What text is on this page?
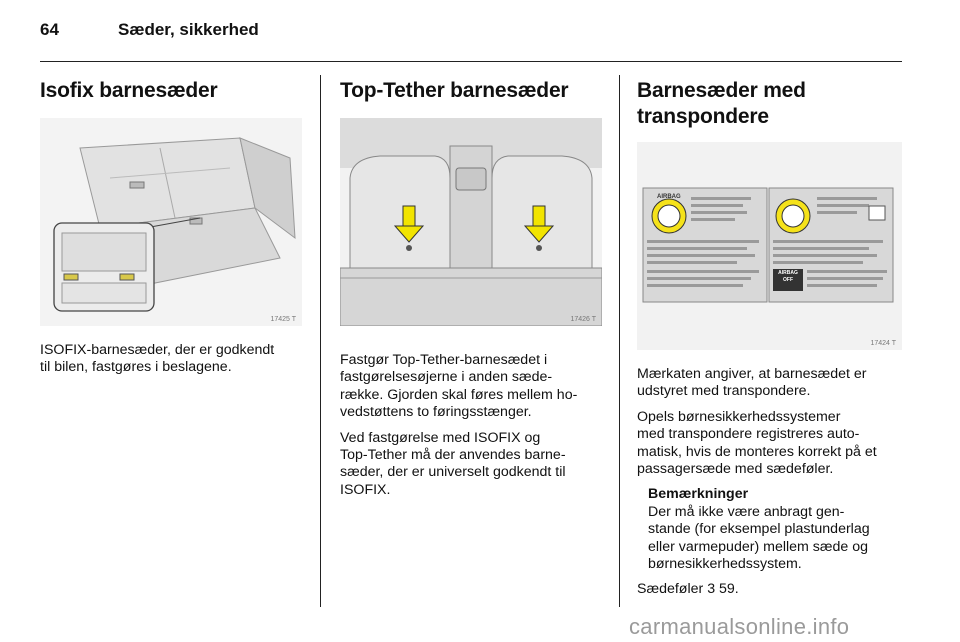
64	Sæder, sikkerhed
Isofix barnesæder
17425 T

ISOFIX-barnesæder, der er godkendt
til bilen, fastgøres i beslagene.

Top-Tether barnesæder
17426 T

Fastgør Top-Tether-barnesædet i
fastgørelsesøjerne i anden sæde-
række. Gjorden skal føres mellem ho-
vedstøttens to føringsstænger.

Ved fastgørelse med ISOFIX og
Top-Tether må der anvendes barne-
sæder, der er universelt godkendt til
ISOFIX.

Barnesæder med
transpondere
AIRBAG
AIRBAG
OFF
17424 T

Mærkaten angiver, at barnesædet er
udstyret med transpondere.

Opels børnesikkerhedssystemer
med transpondere registreres auto-
matisk, hvis de monteres korrekt på et
passagersæde med sædeføler.

Bemærkninger

Der må ikke være anbragt gen-
stande (for eksempel plastunderlag
eller varmepuder) mellem sæde og
børnesikkerhedssystem.

Sædeføler 3 59.

carmanualsonline.info
